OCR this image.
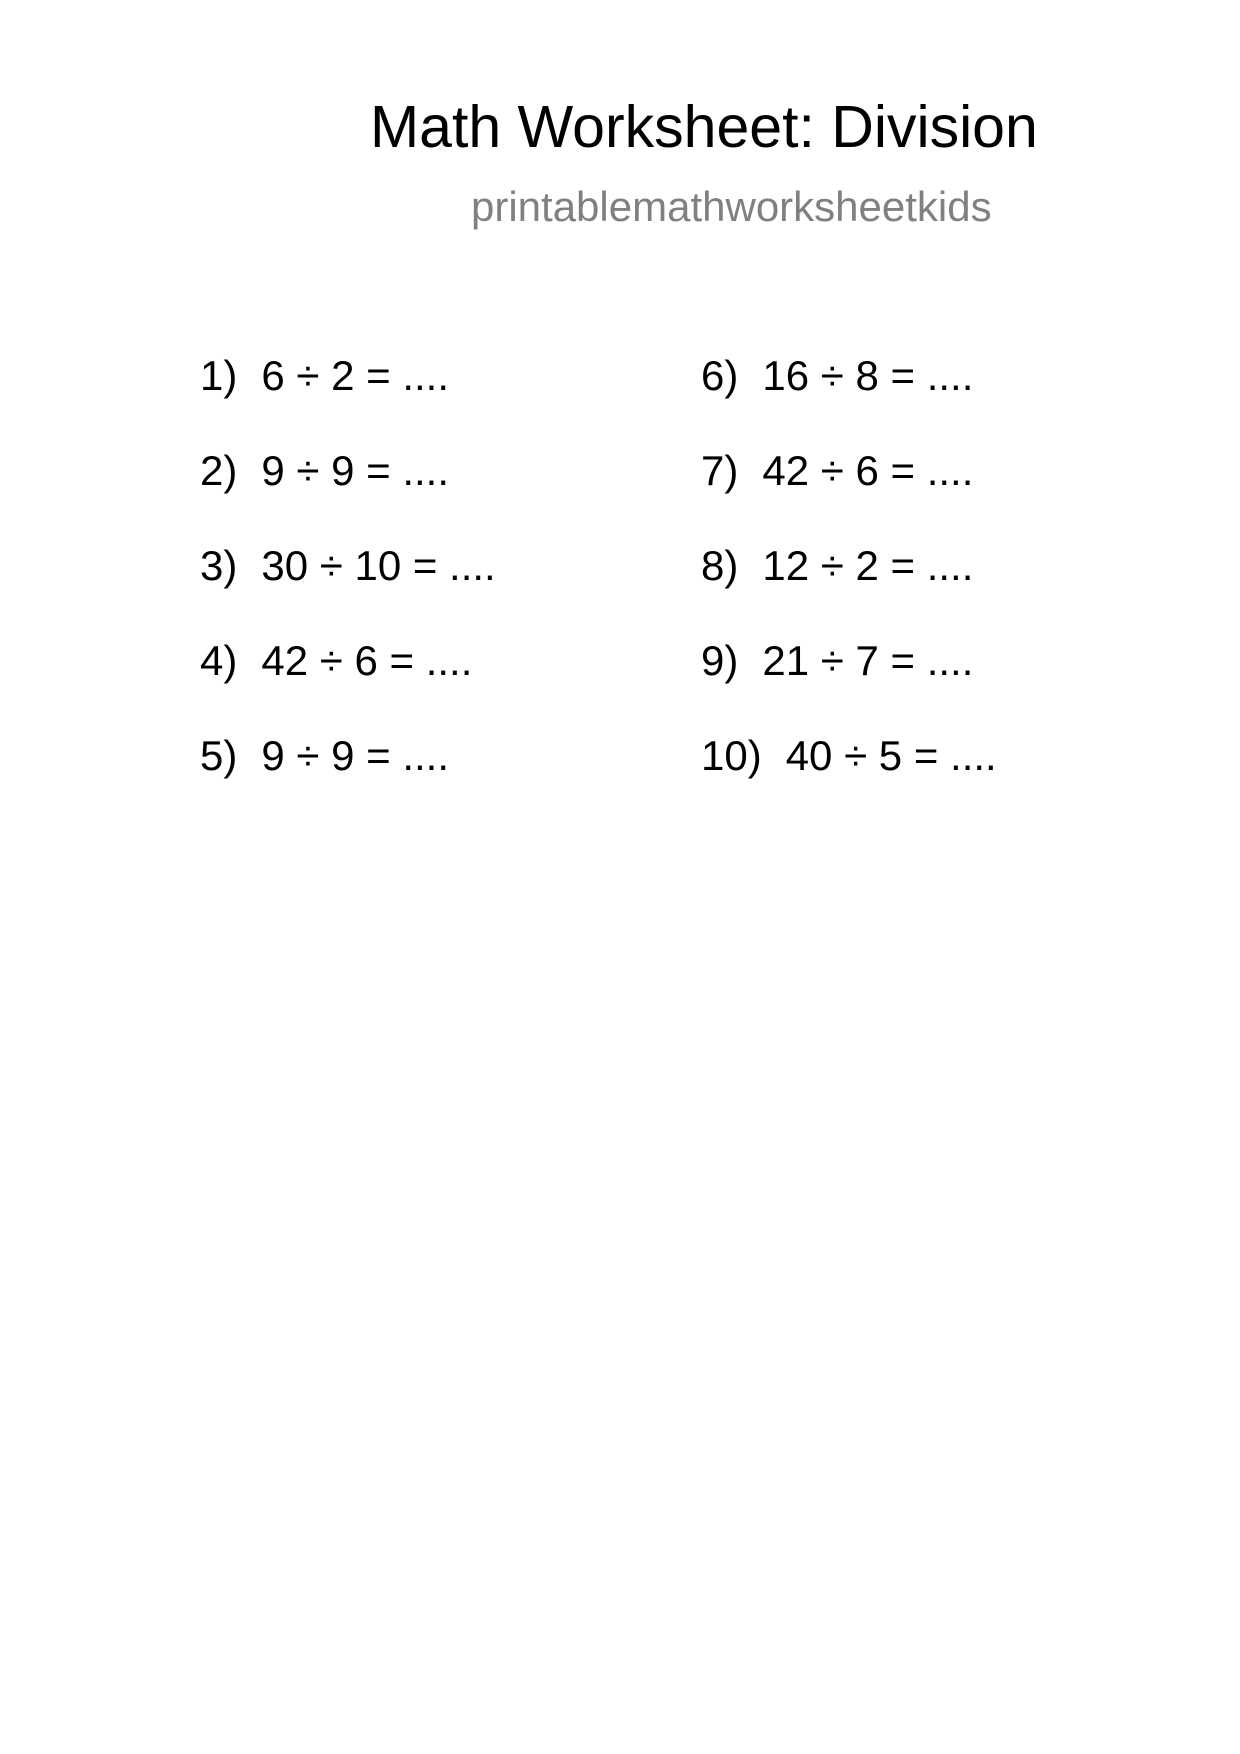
Math Worksheet: Division
printablemathworksheetkids
1) 6 ÷ 2 = ....
2) 9 ÷ 9 = ....
3) 30 ÷ 10 = ....
4) 42 ÷ 6 = ....
5) 9 ÷ 9 = ....
6) 16 ÷ 8 = ....
7) 42 ÷ 6 = ....
8) 12 ÷ 2 = ....
9) 21 ÷ 7 = ....
10) 40 ÷ 5 = ....
